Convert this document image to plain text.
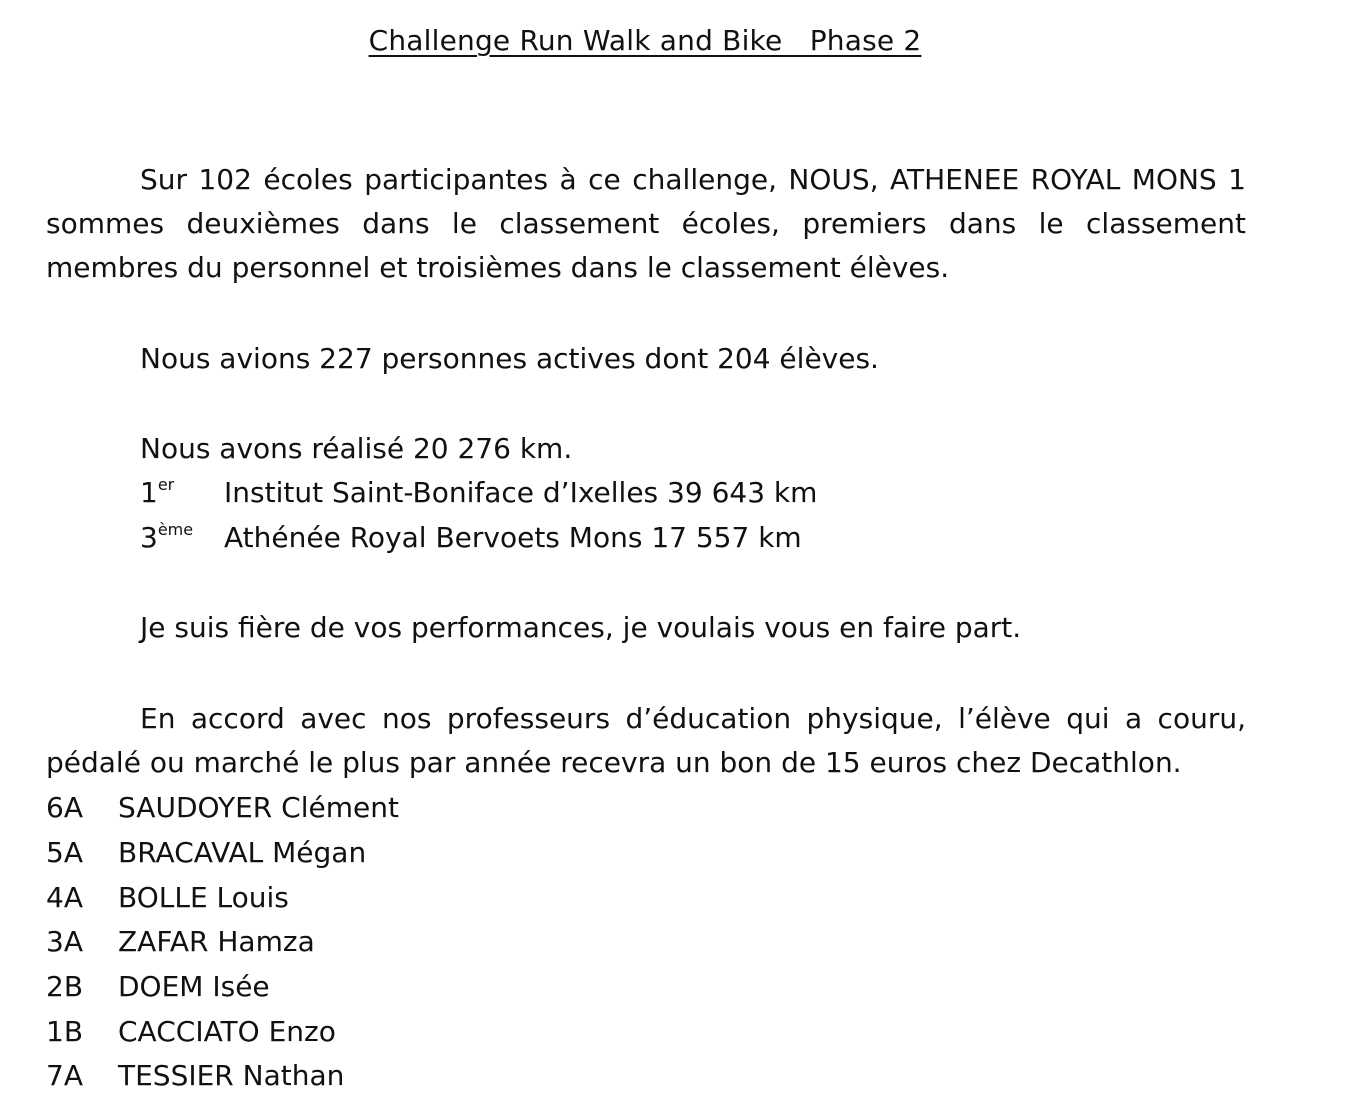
Challenge Run Walk and Bike   Phase 2

Sur 102 écoles participantes à ce challenge, NOUS, ATHENEE ROYAL MONS 1 sommes deuxièmes dans le classement écoles, premiers dans le classement membres du personnel et troisièmes dans le classement élèves.

Nous avions 227 personnes actives dont 204 élèves.
Nous avons réalisé 20 276 km.
1er Institut Saint-Boniface d’Ixelles 39 643 km
3ème Athénée Royal Bervoets Mons 17 557 km
Je suis fière de vos performances, je voulais vous en faire part.

En accord avec nos professeurs d’éducation physique, l’élève qui a couru, pédalé ou marché le plus par année recevra un bon de 15 euros chez Decathlon.

6A SAUDOYER Clément
5A BRACAVAL Mégan
4A BOLLE Louis
3A ZAFAR Hamza
2B DOEM Isée
1B CACCIATO Enzo
7A TESSIER Nathan
